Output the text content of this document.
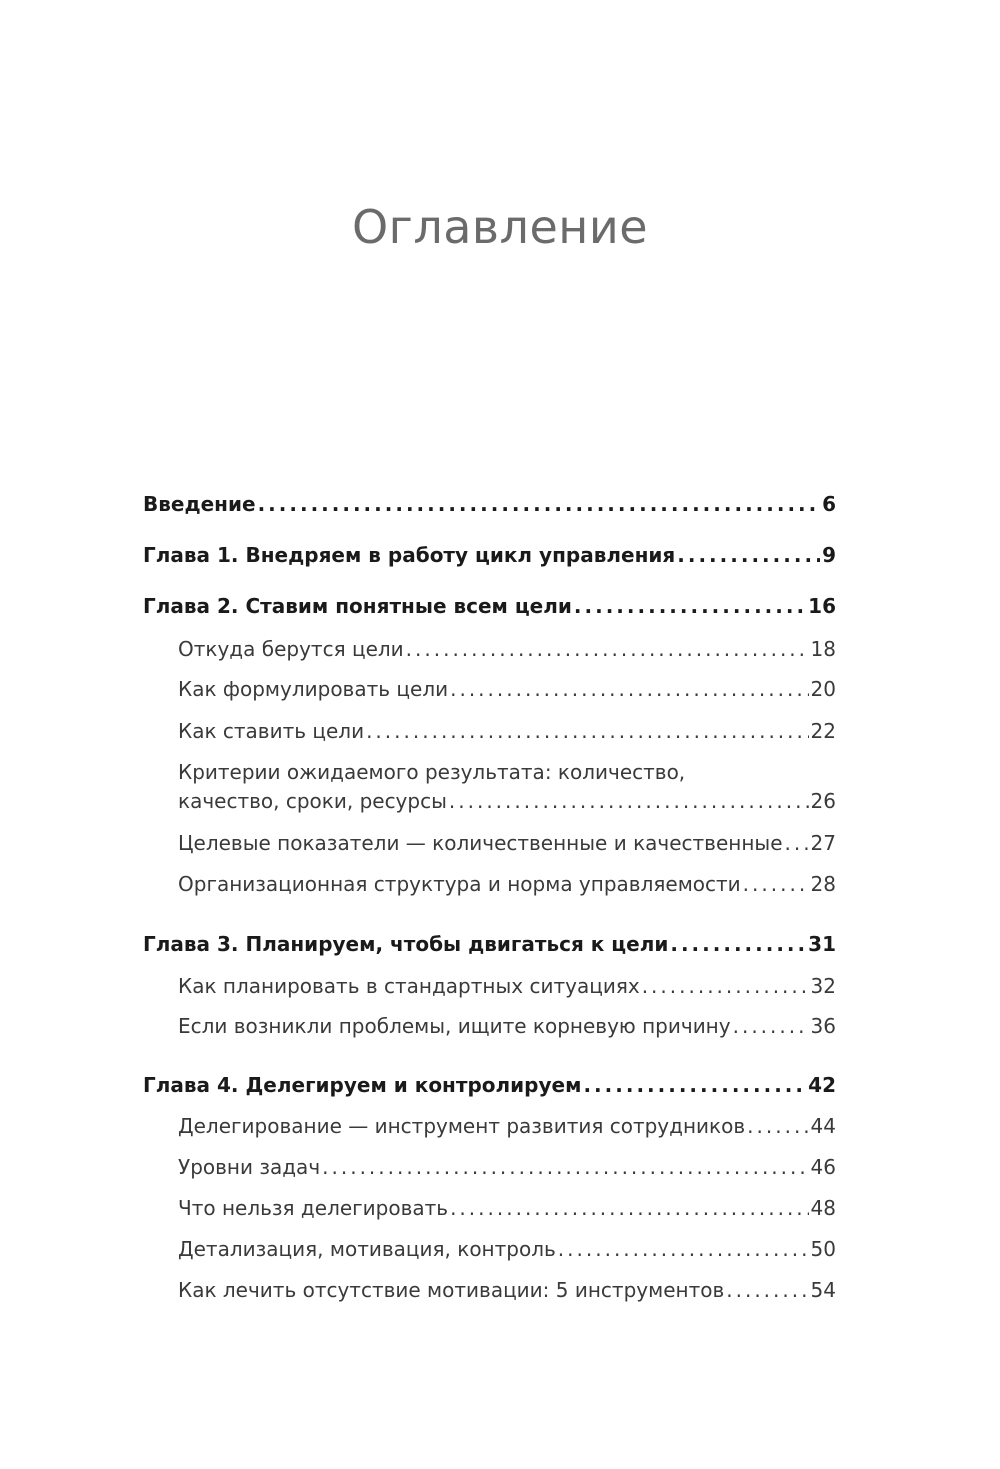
Оглавление
Введение .....	6
Глава 1. Внедряем в работу цикл управления .....	9
Глава 2. Ставим понятные всем цели .....	16
Откуда берутся цели .....	18
Как формулировать цели .....	20
Как ставить цели .....	22
Критерии ожидаемого результата: количество,
качество, сроки, ресурсы .....	26
Целевые показатели — количественные и качественные ..... 27
Организационная структура и норма управляемости .....	28
Глава 3. Планируем, чтобы двигаться к цели .....	31
Как планировать в стандартных ситуациях .....	32
Если возникли проблемы, ищите корневую причину .....	36
Глава 4. Делегируем и контролируем .....	42
Делегирование — инструмент развития сотрудников .....	44
Уровни задач .....	46
Что нельзя делегировать .....	48
Детализация, мотивация, контроль .....	50
Как лечить отсутствие мотивации: 5 инструментов .....	54
